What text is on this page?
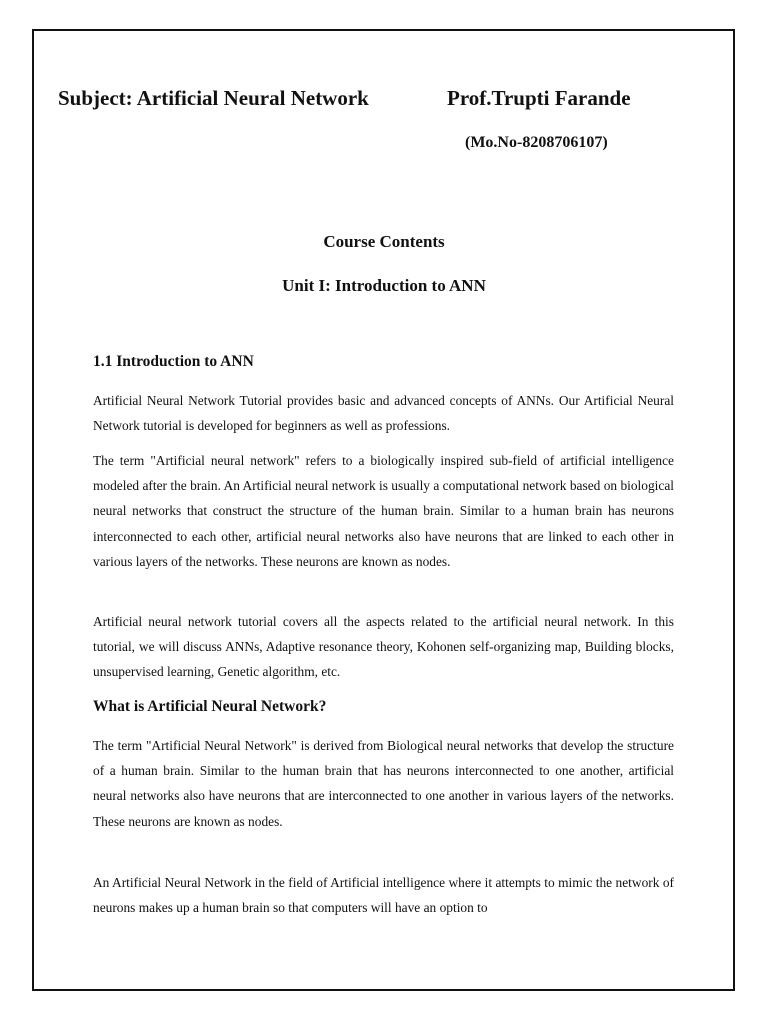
Subject: Artificial Neural Network	Prof.Trupti Farande
(Mo.No-8208706107)
Course Contents
Unit I: Introduction to ANN
1.1 Introduction to ANN

Artificial Neural Network Tutorial provides basic and advanced concepts of ANNs. Our Artificial Neural Network tutorial is developed for beginners as well as professions.

The term "Artificial neural network" refers to a biologically inspired sub-field of artificial intelligence modeled after the brain. An Artificial neural network is usually a computational network based on biological neural networks that construct the structure of the human brain. Similar to a human brain has neurons interconnected to each other, artificial neural networks also have neurons that are linked to each other in various layers of the networks. These neurons are known as nodes.

Artificial neural network tutorial covers all the aspects related to the artificial neural network. In this tutorial, we will discuss ANNs, Adaptive resonance theory, Kohonen self-organizing map, Building blocks, unsupervised learning, Genetic algorithm, etc.

What is Artificial Neural Network?

The term "Artificial Neural Network" is derived from Biological neural networks that develop the structure of a human brain. Similar to the human brain that has neurons interconnected to one another, artificial neural networks also have neurons that are interconnected to one another in various layers of the networks. These neurons are known as nodes.

An Artificial Neural Network in the field of Artificial intelligence where it attempts to mimic the network of neurons makes up a human brain so that computers will have an option to
